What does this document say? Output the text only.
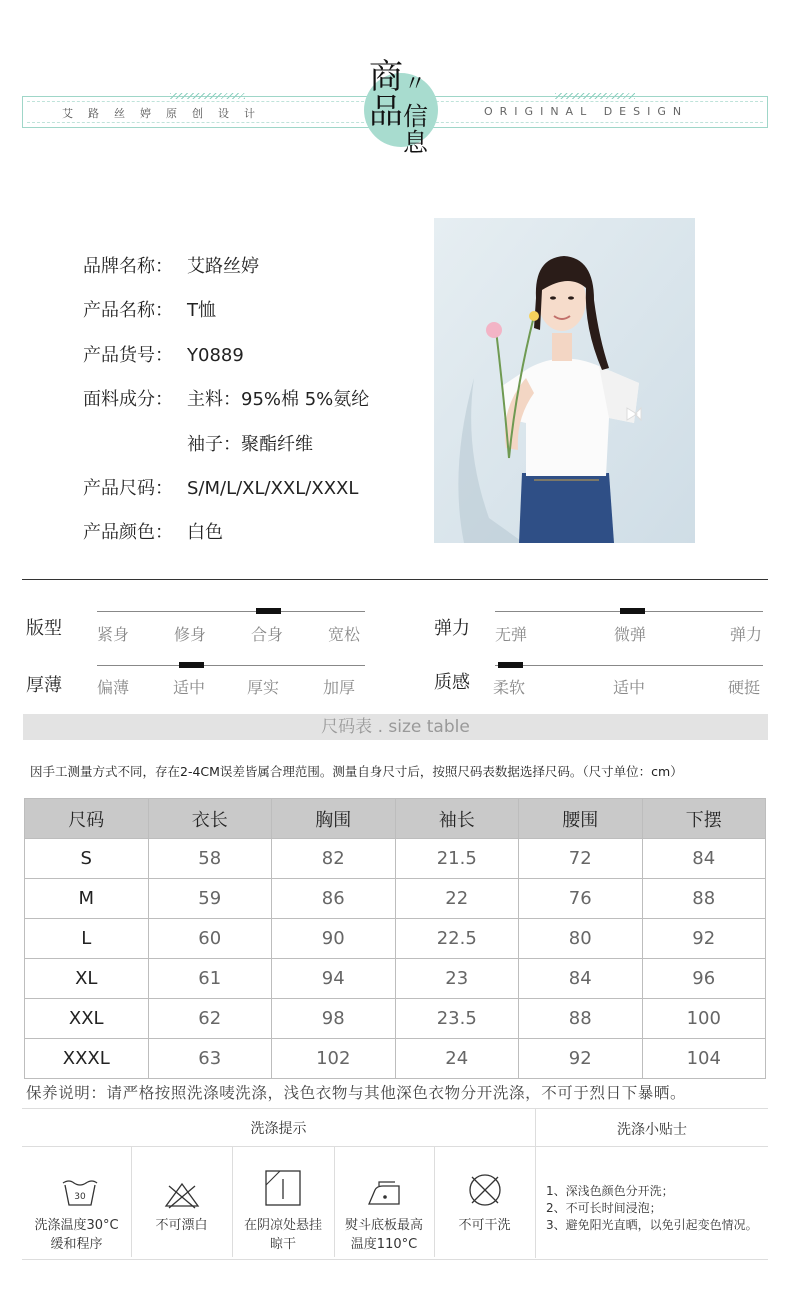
艾路丝婷原创设计	ORIGINAL DESIGN
商
品
〃
信
息
品牌名称： 艾路丝婷
产品名称： T恤
产品货号： Y0889
面料成分： 主料：95%棉 5%氨纶
袖子：聚酯纤维
产品尺码： S/M/L/XL/XXL/XXXL
产品颜色： 白色
版型 紧身	修身	合身	宽松	弹力 无弹	微弹	弹力
厚薄 偏薄	适中	厚实	加厚	质感 柔软	适中	硬挺
尺码表 . size table
因手工测量方式不同，存在2-4CM误差皆属合理范围。测量自身尺寸后，按照尺码表数据选择尺码。（尺寸单位：cm）
尺码	衣长	胸围	袖长	腰围	下摆
S	58	82	21.5	72	84
M	59	86	22	76	88
L	60	90	22.5	80	92
XL	61	94	23	84	96
XXL	62	98	23.5	88	100
XXXL	63	102	24	92	104
保养说明：请严格按照洗涤唛洗涤，浅色衣物与其他深色衣物分开洗涤，不可于烈日下暴晒。
洗涤提示	洗涤小贴士
30
洗涤温度30°C
缓和程序
不可漂白	在阴凉处悬挂
晾干
熨斗底板最高
温度110°C
不可干洗
1、深浅色颜色分开洗；
2、不可长时间浸泡；
3、避免阳光直晒，以免引起变色情况。
